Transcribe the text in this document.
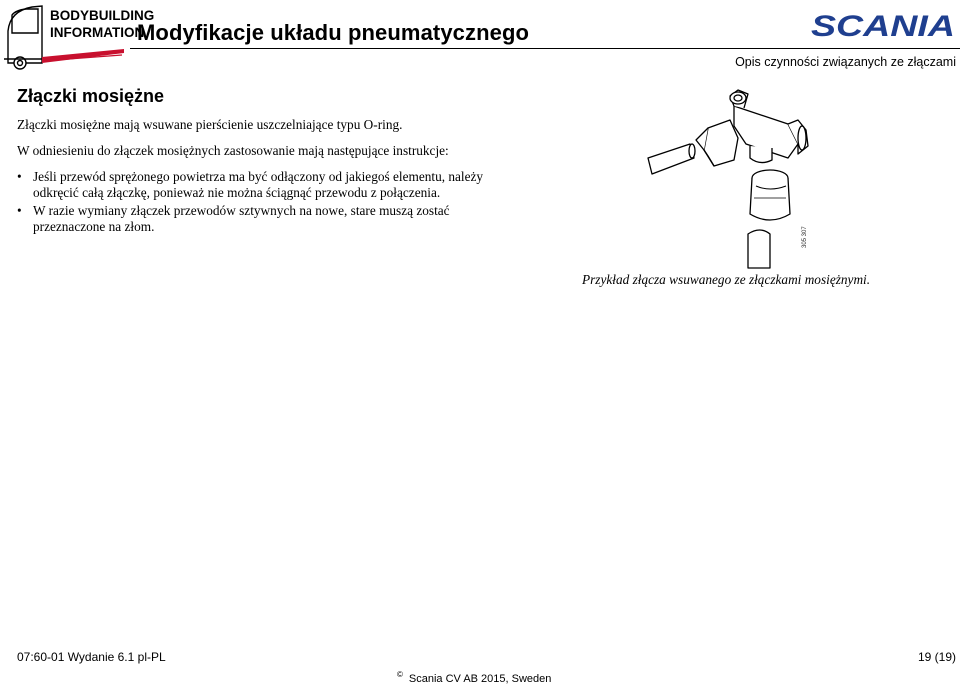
BODYBUILDING
INFORMATION
Modyfikacje układu pneumatycznego	SCANIA
Opis czynności związanych ze złączami
Złączki mosiężne
Złączki mosiężne mają wsuwane pierścienie uszczelniające typu O-ring.
W odniesieniu do złączek mosiężnych zastosowanie mają następujące instrukcje:
• Jeśli przewód sprężonego powietrza ma być odłączony od jakiegoś elementu, należy odkręcić całą złączkę, ponieważ nie można ściągnąć przewodu z połączenia.
• W razie wymiany złączek przewodów sztywnych na nowe, stare muszą zostać przeznaczone na złom.	305 307
Przykład złącza wsuwanego ze złączkami mosiężnymi.
07:60-01 Wydanie 6.1 pl-PL	19 (19)
© Scania CV AB 2015, Sweden
